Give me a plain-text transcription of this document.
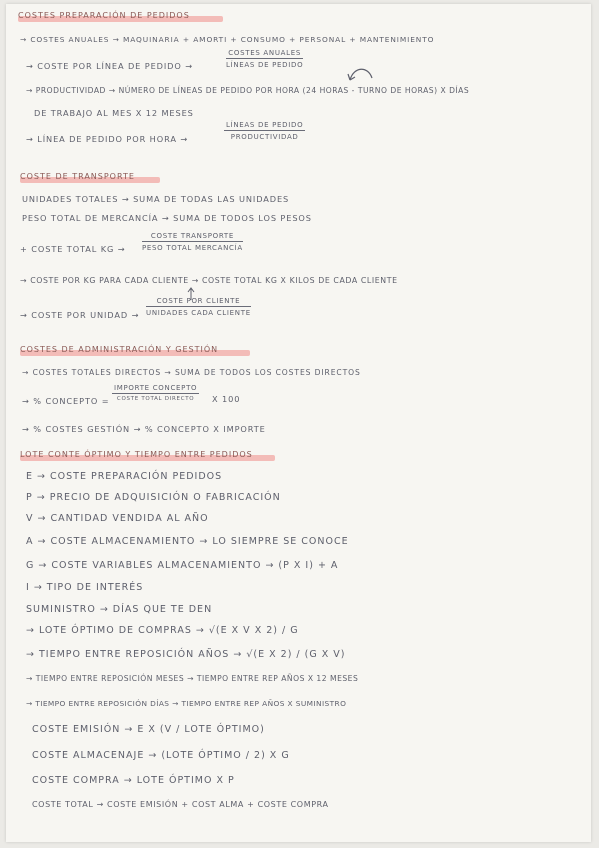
COSTES PREPARACIÓN DE PEDIDOS
→ COSTES ANUALES → MAQUINARIA + AMORTI + CONSUMO + PERSONAL + MANTENIMIENTO
→ COSTE POR LÍNEA DE PEDIDO →
COSTES ANUALES
LÍNEAS DE PEDIDO
→ PRODUCTIVIDAD → NÚMERO DE LÍNEAS DE PEDIDO POR HORA (24 HORAS - TURNO DE HORAS) X DÍAS
DE TRABAJO AL MES X 12 MESES
→ LÍNEA DE PEDIDO POR HORA →
LÍNEAS DE PEDIDO
PRODUCTIVIDAD
COSTE DE TRANSPORTE
UNIDADES TOTALES → SUMA DE TODAS LAS UNIDADES
PESO TOTAL DE MERCANCÍA → SUMA DE TODOS LOS PESOS
+ COSTE TOTAL KG →
COSTE TRANSPORTE
PESO TOTAL MERCANCÍA
→ COSTE POR KG PARA CADA CLIENTE → COSTE TOTAL KG X KILOS DE CADA CLIENTE
→ COSTE POR UNIDAD →
COSTE POR CLIENTE
UNIDADES CADA CLIENTE
COSTES DE ADMINISTRACIÓN Y GESTIÓN
→ COSTES TOTALES DIRECTOS → SUMA DE TODOS LOS COSTES DIRECTOS
→ % CONCEPTO =
IMPORTE CONCEPTO
COSTE TOTAL DIRECTO	X 100
→ % COSTES GESTIÓN → % CONCEPTO X IMPORTE
LOTE CONTE ÓPTIMO Y TIEMPO ENTRE PEDIDOS
E → COSTE PREPARACIÓN PEDIDOS
P → PRECIO DE ADQUISICIÓN O FABRICACIÓN
V → CANTIDAD VENDIDA AL AÑO
A → COSTE ALMACENAMIENTO → LO SIEMPRE SE CONOCE
G → COSTE VARIABLES ALMACENAMIENTO → (P X I) + A
I → TIPO DE INTERÉS
SUMINISTRO → DÍAS QUE TE DEN
→ LOTE ÓPTIMO DE COMPRAS → √(E X V X 2) / G
→ TIEMPO ENTRE REPOSICIÓN AÑOS → √(E X 2) / (G X V)
→ TIEMPO ENTRE REPOSICIÓN MESES → TIEMPO ENTRE REP AÑOS X 12 MESES
→ TIEMPO ENTRE REPOSICIÓN DÍAS → TIEMPO ENTRE REP AÑOS X SUMINISTRO
COSTE EMISIÓN → E X (V / LOTE ÓPTIMO)
COSTE ALMACENAJE → (LOTE ÓPTIMO / 2) X G
COSTE COMPRA → LOTE ÓPTIMO X P
COSTE TOTAL → COSTE EMISIÓN + COST ALMA + COSTE COMPRA
